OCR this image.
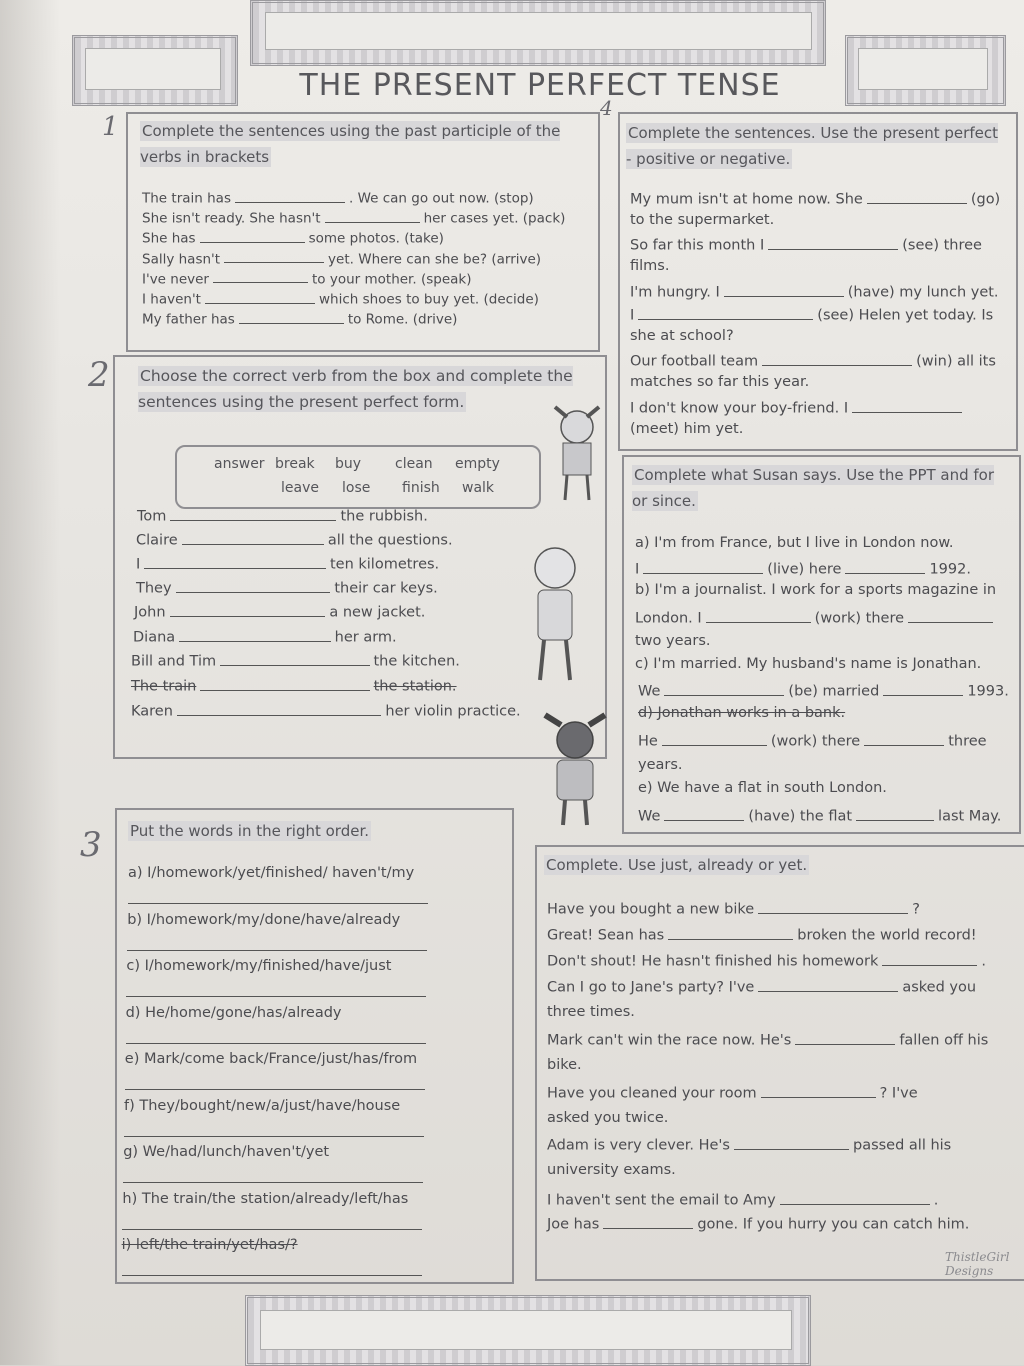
THE PRESENT PERFECT TENSE
1
2
3
4
Complete the sentences using the past participle of the verbs in brackets
The train has	. We can go out now. (stop)
She isn't ready. She hasn't	her cases yet. (pack)
She has	some photos. (take)
Sally hasn't	yet. Where can she be? (arrive)
I've never	to your mother. (speak)
I haven't	which shoes to buy yet. (decide)
My father has	to Rome. (drive)
Choose the correct verb from the box and complete the sentences using the present perfect form.
answer break buy clean empty
leave lose finish walk
Tom	the rubbish.
Claire	all the questions.
I	ten kilometres.
They	their car keys.
John	a new jacket.
Diana	her arm.
Bill and Tim	the kitchen.
The train	the station.
Karen	her violin practice.
Complete the sentences. Use the present perfect - positive or negative.
My mum isn't at home now. She	(go)
to the supermarket.
So far this month I	(see) three
films.
I'm hungry. I	(have) my lunch yet.
I	(see) Helen yet today. Is
she at school?
Our football team	(win) all its
matches so far this year.
I don't know your boy-friend. I
(meet) him yet.
Complete what Susan says. Use the PPT and for or since.
a) I'm from France, but I live in London now.
I	(live) here	1992.
b) I'm a journalist. I work for a sports magazine in
London. I	(work) there
two years.
c) I'm married. My husband's name is Jonathan.
We	(be) married	1993.
d) Jonathan works in a bank.
He	(work) there	three
years.
e) We have a flat in south London.
We	(have) the flat	last May.
Put the words in the right order.
a) I/homework/yet/finished/ haven't/my
b) I/homework/my/done/have/already
c) I/homework/my/finished/have/just
d) He/home/gone/has/already
e) Mark/come back/France/just/has/from
f) They/bought/new/a/just/have/house
g) We/had/lunch/haven't/yet
h) The train/the station/already/left/has
i) left/the train/yet/has/?
Complete. Use just, already or yet.
Have you bought a new bike	?
Great! Sean has	broken the world record!
Don't shout! He hasn't finished his homework	.
Can I go to Jane's party? I've	asked you
three times.
Mark can't win the race now. He's	fallen off his
bike.
Have you cleaned your room	? I've
asked you twice.
Adam is very clever. He's	passed all his
university exams.
I haven't sent the email to Amy	.
Joe has	gone. If you hurry you can catch him.
ThistleGirl Designs
